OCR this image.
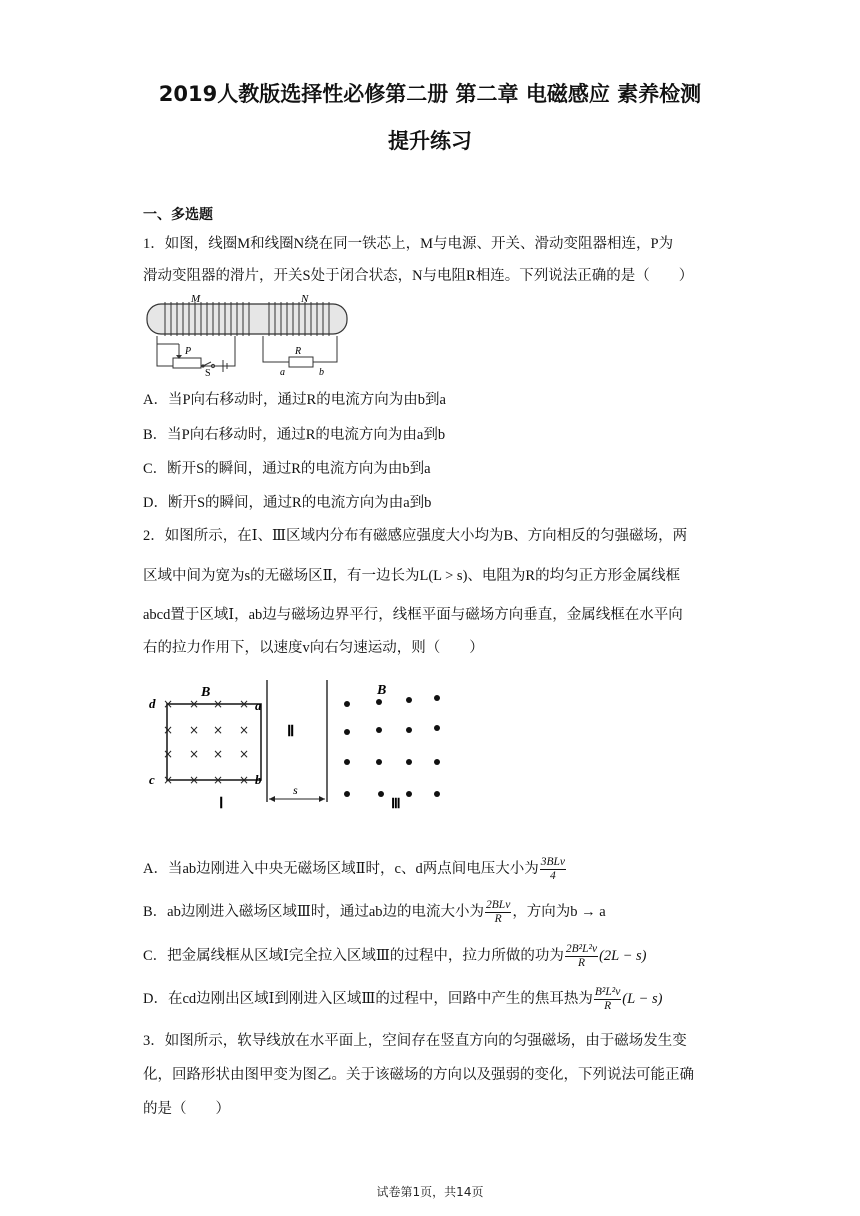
2019人教版选择性必修第二册 第二章 电磁感应 素养检测
提升练习
一、多选题
1．如图，线圈M和线圈N绕在同一铁芯上，M与电源、开关、滑动变阻器相连，P为
滑动变阻器的滑片，开关S处于闭合状态，N与电阻R相连。下列说法正确的是（　　）
M	N
P
S
R
a	b
A．当P向右移动时，通过R的电流方向为由b到a
B．当P向右移动时，通过R的电流方向为由a到b
C．断开S的瞬间，通过R的电流方向为由b到a
D．断开S的瞬间，通过R的电流方向为由a到b
2．如图所示，在Ⅰ、Ⅲ区域内分布有磁感应强度大小均为B、方向相反的匀强磁场，两
区域中间为宽为s的无磁场区Ⅱ，有一边长为L(L > s)、电阻为R的均匀正方形金属线框
abcd置于区域Ⅰ，ab边与磁场边界平行，线框平面与磁场方向垂直，金属线框在水平向
右的拉力作用下，以速度v向右匀速运动，则（　　）
× × × ×
× × × ×
× × × ×
× × × ×
d	a
c	b
B
Ⅰ
Ⅱ
s
B
Ⅲ
A．当ab边刚进入中央无磁场区域Ⅱ时，c、d两点间电压大小为 $\frac{\text{3BLv}}{4}$
B．ab边刚进入磁场区域Ⅲ时，通过ab边的电流大小为 $\frac{\text{2BLv}}{R}$ ，方向为b → a
C．把金属线框从区域Ⅰ完全拉入区域Ⅲ的过程中，拉力所做的功为 $\frac{\text{2B²L²v}}{R} (2L - s)$
D．在cd边刚出区域Ⅰ到刚进入区域Ⅲ的过程中，回路中产生的焦耳热为 $\frac{\text{B²L²v}}{R} (L - s)$
3．如图所示，软导线放在水平面上，空间存在竖直方向的匀强磁场，由于磁场发生变
化，回路形状由图甲变为图乙。关于该磁场的方向以及强弱的变化，下列说法可能正确
的是（　　）
试卷第1页，共14页
